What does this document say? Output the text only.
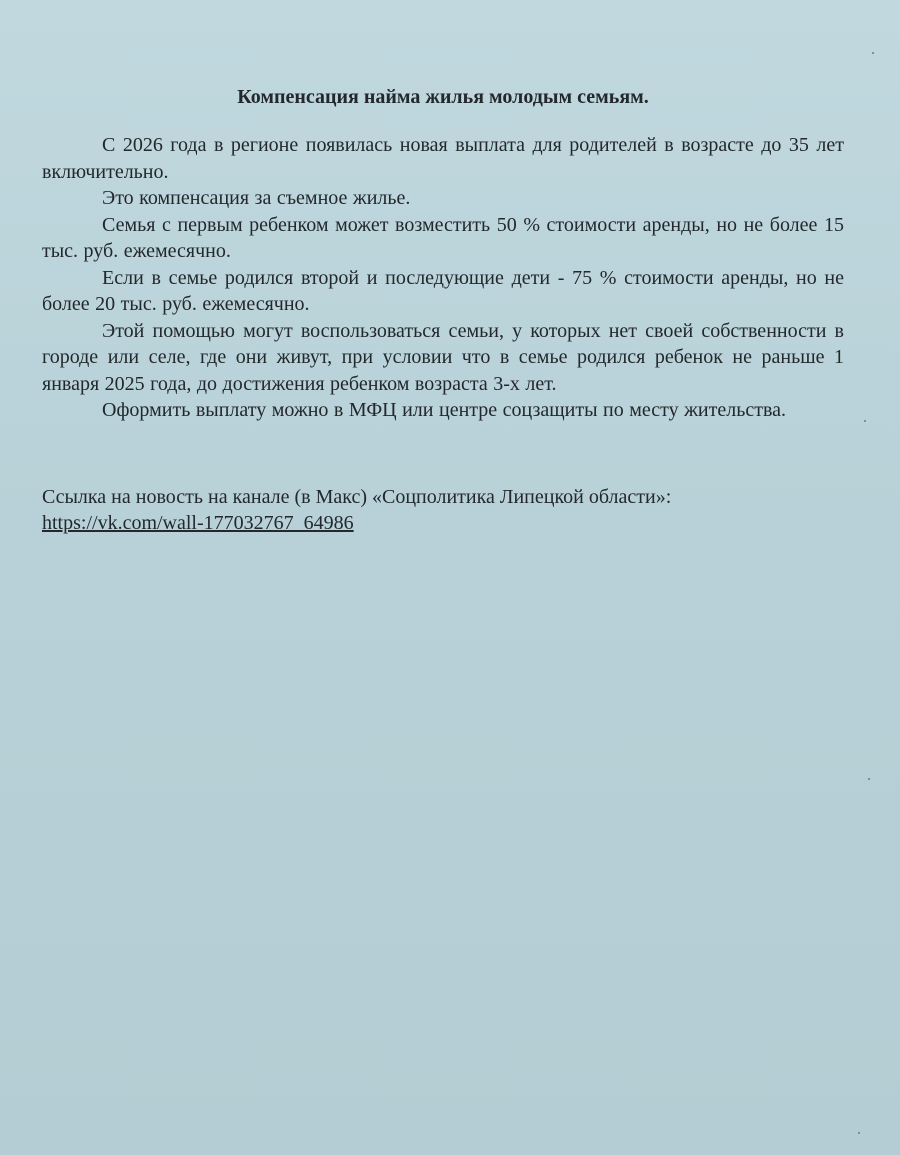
Компенсация найма жилья молодым семьям.

С 2026 года в регионе появилась новая выплата для родителей в возрасте до 35 лет включительно.

Это компенсация за съемное жилье.

Семья с первым ребенком может возместить 50 % стоимости аренды, но не более 15 тыс. руб. ежемесячно.

Если в семье родился второй и последующие дети - 75 % стоимости аренды, но не более 20 тыс. руб. ежемесячно.

Этой помощью могут воспользоваться семьи, у которых нет своей собственности в городе или селе, где они живут, при условии что в семье родился ребенок не раньше 1 января 2025 года, до достижения ребенком возраста 3-х лет.

Оформить выплату можно в МФЦ или центре соцзащиты по месту жительства.

Ссылка на новость на канале (в Макс) «Соцполитика Липецкой области»:
https://vk.com/wall-177032767_64986
